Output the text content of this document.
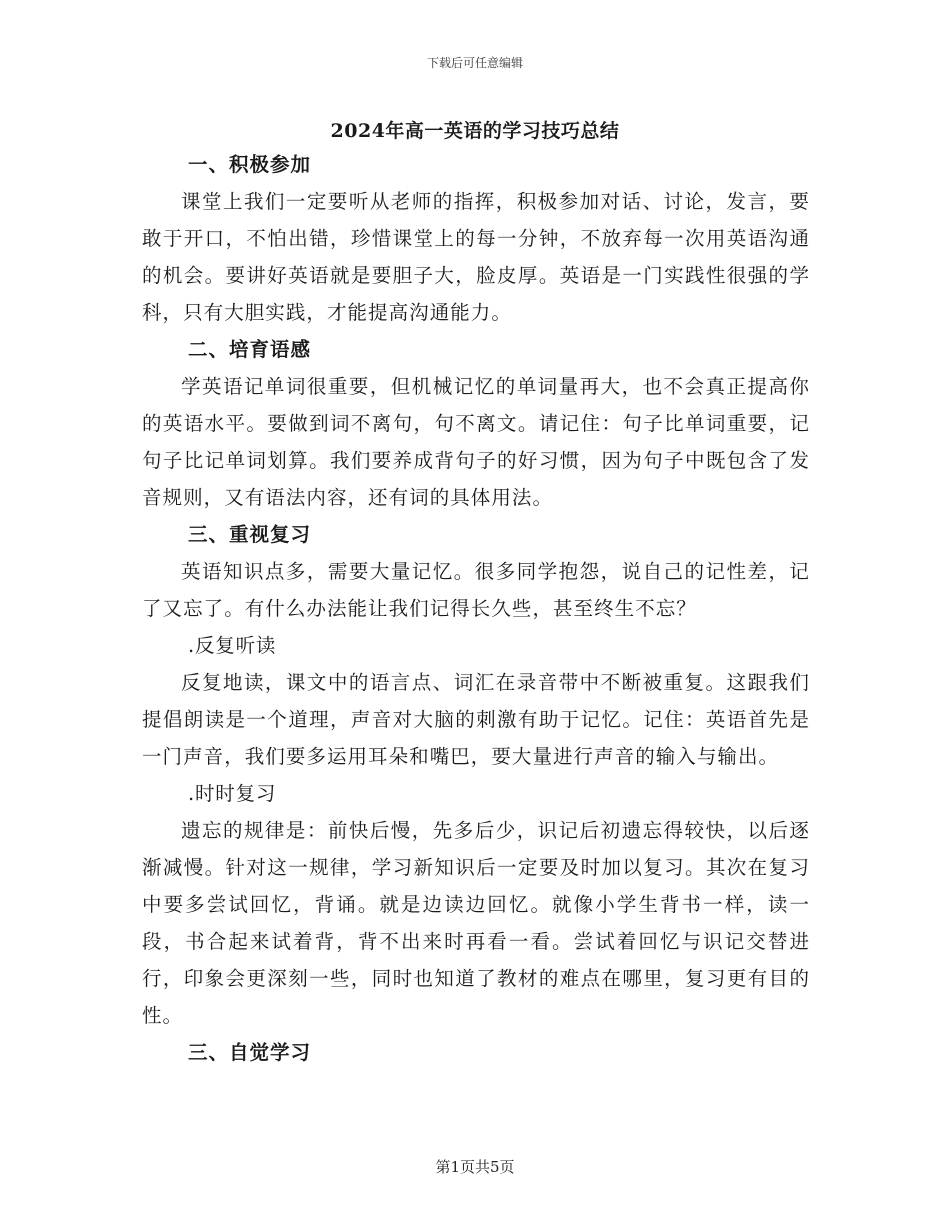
下载后可任意编辑
2024年高一英语的学习技巧总结

一、积极参加

课堂上我们一定要听从老师的指挥，积极参加对话、讨论，发言，要敢于开口，不怕出错，珍惜课堂上的每一分钟，不放弃每一次用英语沟通的机会。要讲好英语就是要胆子大，脸皮厚。英语是一门实践性很强的学科，只有大胆实践，才能提高沟通能力。

二、培育语感

学英语记单词很重要，但机械记忆的单词量再大，也不会真正提高你的英语水平。要做到词不离句，句不离文。请记住：句子比单词重要，记句子比记单词划算。我们要养成背句子的好习惯，因为句子中既包含了发音规则，又有语法内容，还有词的具体用法。

三、重视复习

英语知识点多，需要大量记忆。很多同学抱怨，说自己的记性差，记了又忘了。有什么办法能让我们记得长久些，甚至终生不忘？

.反复听读

反复地读，课文中的语言点、词汇在录音带中不断被重复。这跟我们提倡朗读是一个道理，声音对大脑的刺激有助于记忆。记住：英语首先是一门声音，我们要多运用耳朵和嘴巴，要大量进行声音的输入与输出。

.时时复习

遗忘的规律是：前快后慢，先多后少，识记后初遗忘得较快，以后逐渐减慢。针对这一规律，学习新知识后一定要及时加以复习。其次在复习中要多尝试回忆，背诵。就是边读边回忆。就像小学生背书一样，读一段，书合起来试着背，背不出来时再看一看。尝试着回忆与识记交替进行，印象会更深刻一些，同时也知道了教材的难点在哪里，复习更有目的性。

三、自觉学习

第1页共5页
